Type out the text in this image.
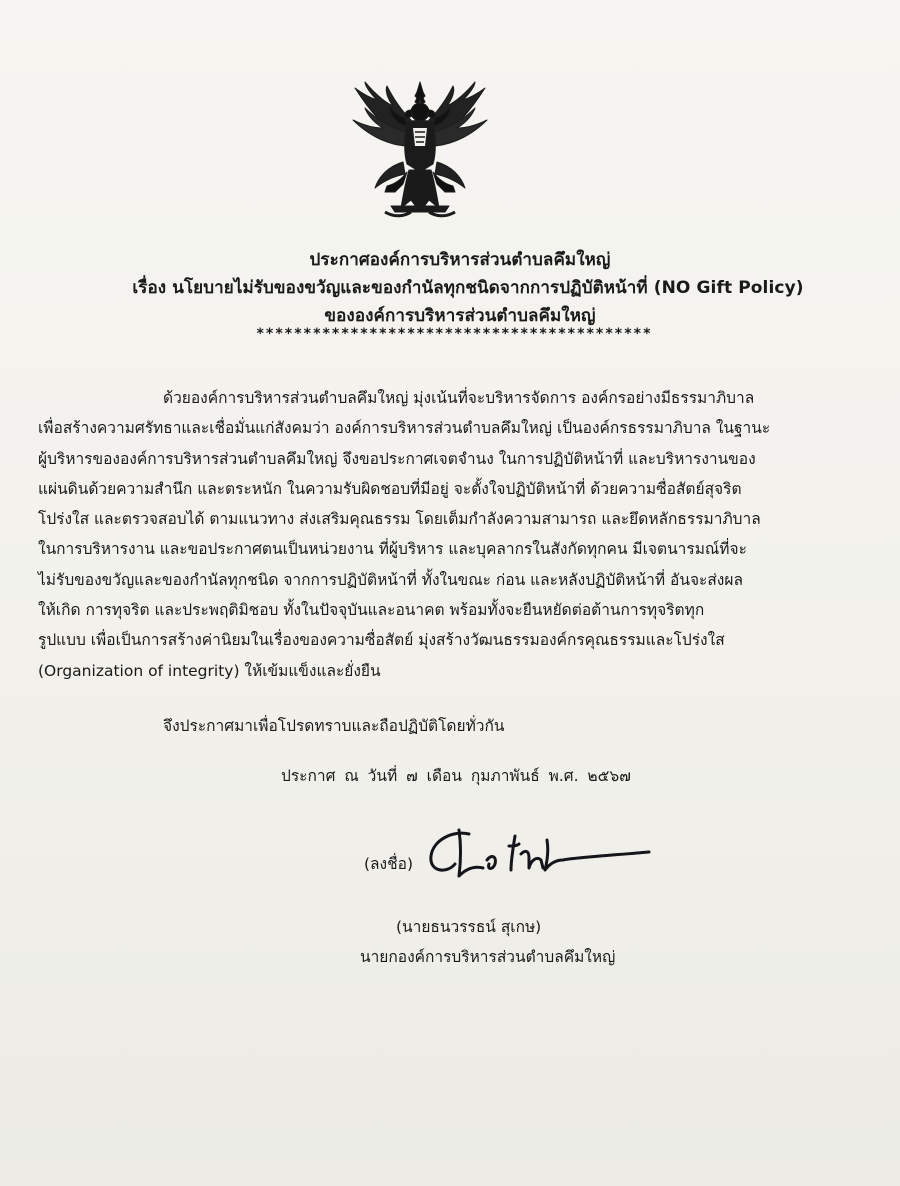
ประกาศองค์การบริหารส่วนตำบลคึมใหญ่
เรื่อง นโยบายไม่รับของขวัญและของกำนัลทุกชนิดจากการปฏิบัติหน้าที่ (NO Gift Policy)
ขององค์การบริหารส่วนตำบลคึมใหญ่
******************************************
ด้วยองค์การบริหารส่วนตำบลคึมใหญ่ มุ่งเน้นที่จะบริหารจัดการ องค์กรอย่างมีธรรมาภิบาล
เพื่อสร้างความศรัทธาและเชื่อมั่นแก่สังคมว่า องค์การบริหารส่วนตำบลคึมใหญ่ เป็นองค์กรธรรมาภิบาล ในฐานะ
ผู้บริหารขององค์การบริหารส่วนตำบลคึมใหญ่ จึงขอประกาศเจตจำนง ในการปฏิบัติหน้าที่ และบริหารงานของ
แผ่นดินด้วยความสำนึก และตระหนัก ในความรับผิดชอบที่มีอยู่ จะตั้งใจปฏิบัติหน้าที่ ด้วยความซื่อสัตย์สุจริต
โปร่งใส และตรวจสอบได้ ตามแนวทาง ส่งเสริมคุณธรรม โดยเต็มกำลังความสามารถ และยึดหลักธรรมาภิบาล
ในการบริหารงาน และขอประกาศตนเป็นหน่วยงาน ที่ผู้บริหาร และบุคลากรในสังกัดทุกคน มีเจตนารมณ์ที่จะ
ไม่รับของขวัญและของกำนัลทุกชนิด จากการปฏิบัติหน้าที่ ทั้งในขณะ ก่อน และหลังปฏิบัติหน้าที่ อันจะส่งผล
ให้เกิด การทุจริต และประพฤติมิชอบ ทั้งในปัจจุบันและอนาคต พร้อมทั้งจะยืนหยัดต่อต้านการทุจริตทุก
รูปแบบ เพื่อเป็นการสร้างค่านิยมในเรื่องของความซื่อสัตย์ มุ่งสร้างวัฒนธรรมองค์กรคุณธรรมและโปร่งใส
(Organization of integrity) ให้เข้มแข็งและยั่งยืน
จึงประกาศมาเพื่อโปรดทราบและถือปฏิบัติโดยทั่วกัน
ประกาศ ณ วันที่ ๗ เดือน กุมภาพันธ์ พ.ศ. ๒๕๖๗
(ลงชื่อ)
(นายธนวรรธน์ สุเกษ)
นายกองค์การบริหารส่วนตำบลคึมใหญ่
